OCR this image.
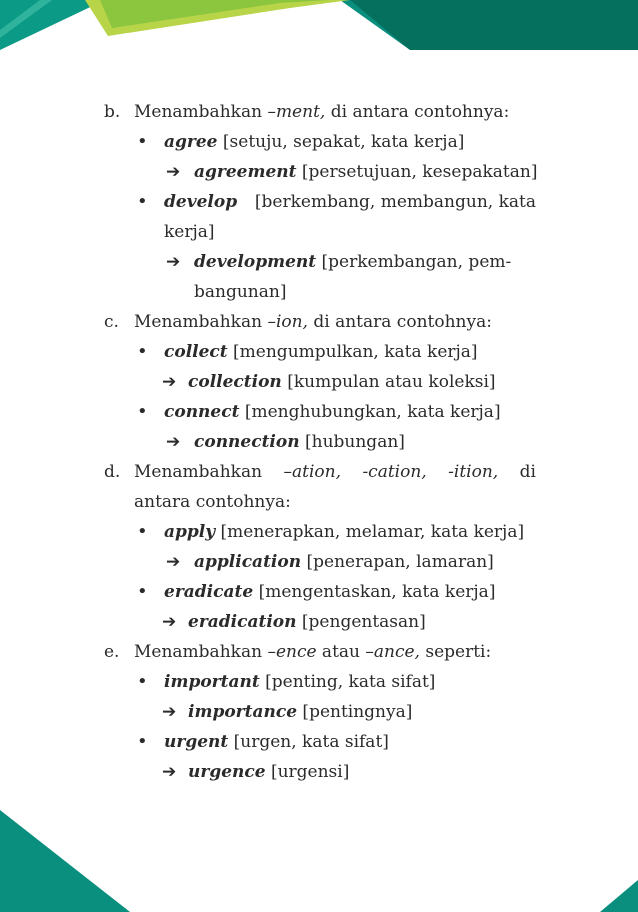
b. Menambahkan –ment, di antara contohnya:
• agree [setuju, sepakat, kata kerja]
➔ agreement [persetujuan, kesepakatan]
• develop [berkembang, membangun, kata
kerja]
➔ development [perkembangan, pem-
bangunan]
c. Menambahkan –ion, di antara contohnya:
• collect [mengumpulkan, kata kerja]
➔ collection [kumpulan atau koleksi]
• connect [menghubungkan, kata kerja]
➔ connection [hubungan]
d. Menambahkan –ation, -cation, -ition, di
antara contohnya:
• apply [menerapkan, melamar, kata kerja]
➔ application [penerapan, lamaran]
• eradicate [mengentaskan, kata kerja]
➔ eradication [pengentasan]
e. Menambahkan –ence atau –ance, seperti:
• important [penting, kata sifat]
➔ importance [pentingnya]
• urgent [urgen, kata sifat]
➔ urgence [urgensi]
